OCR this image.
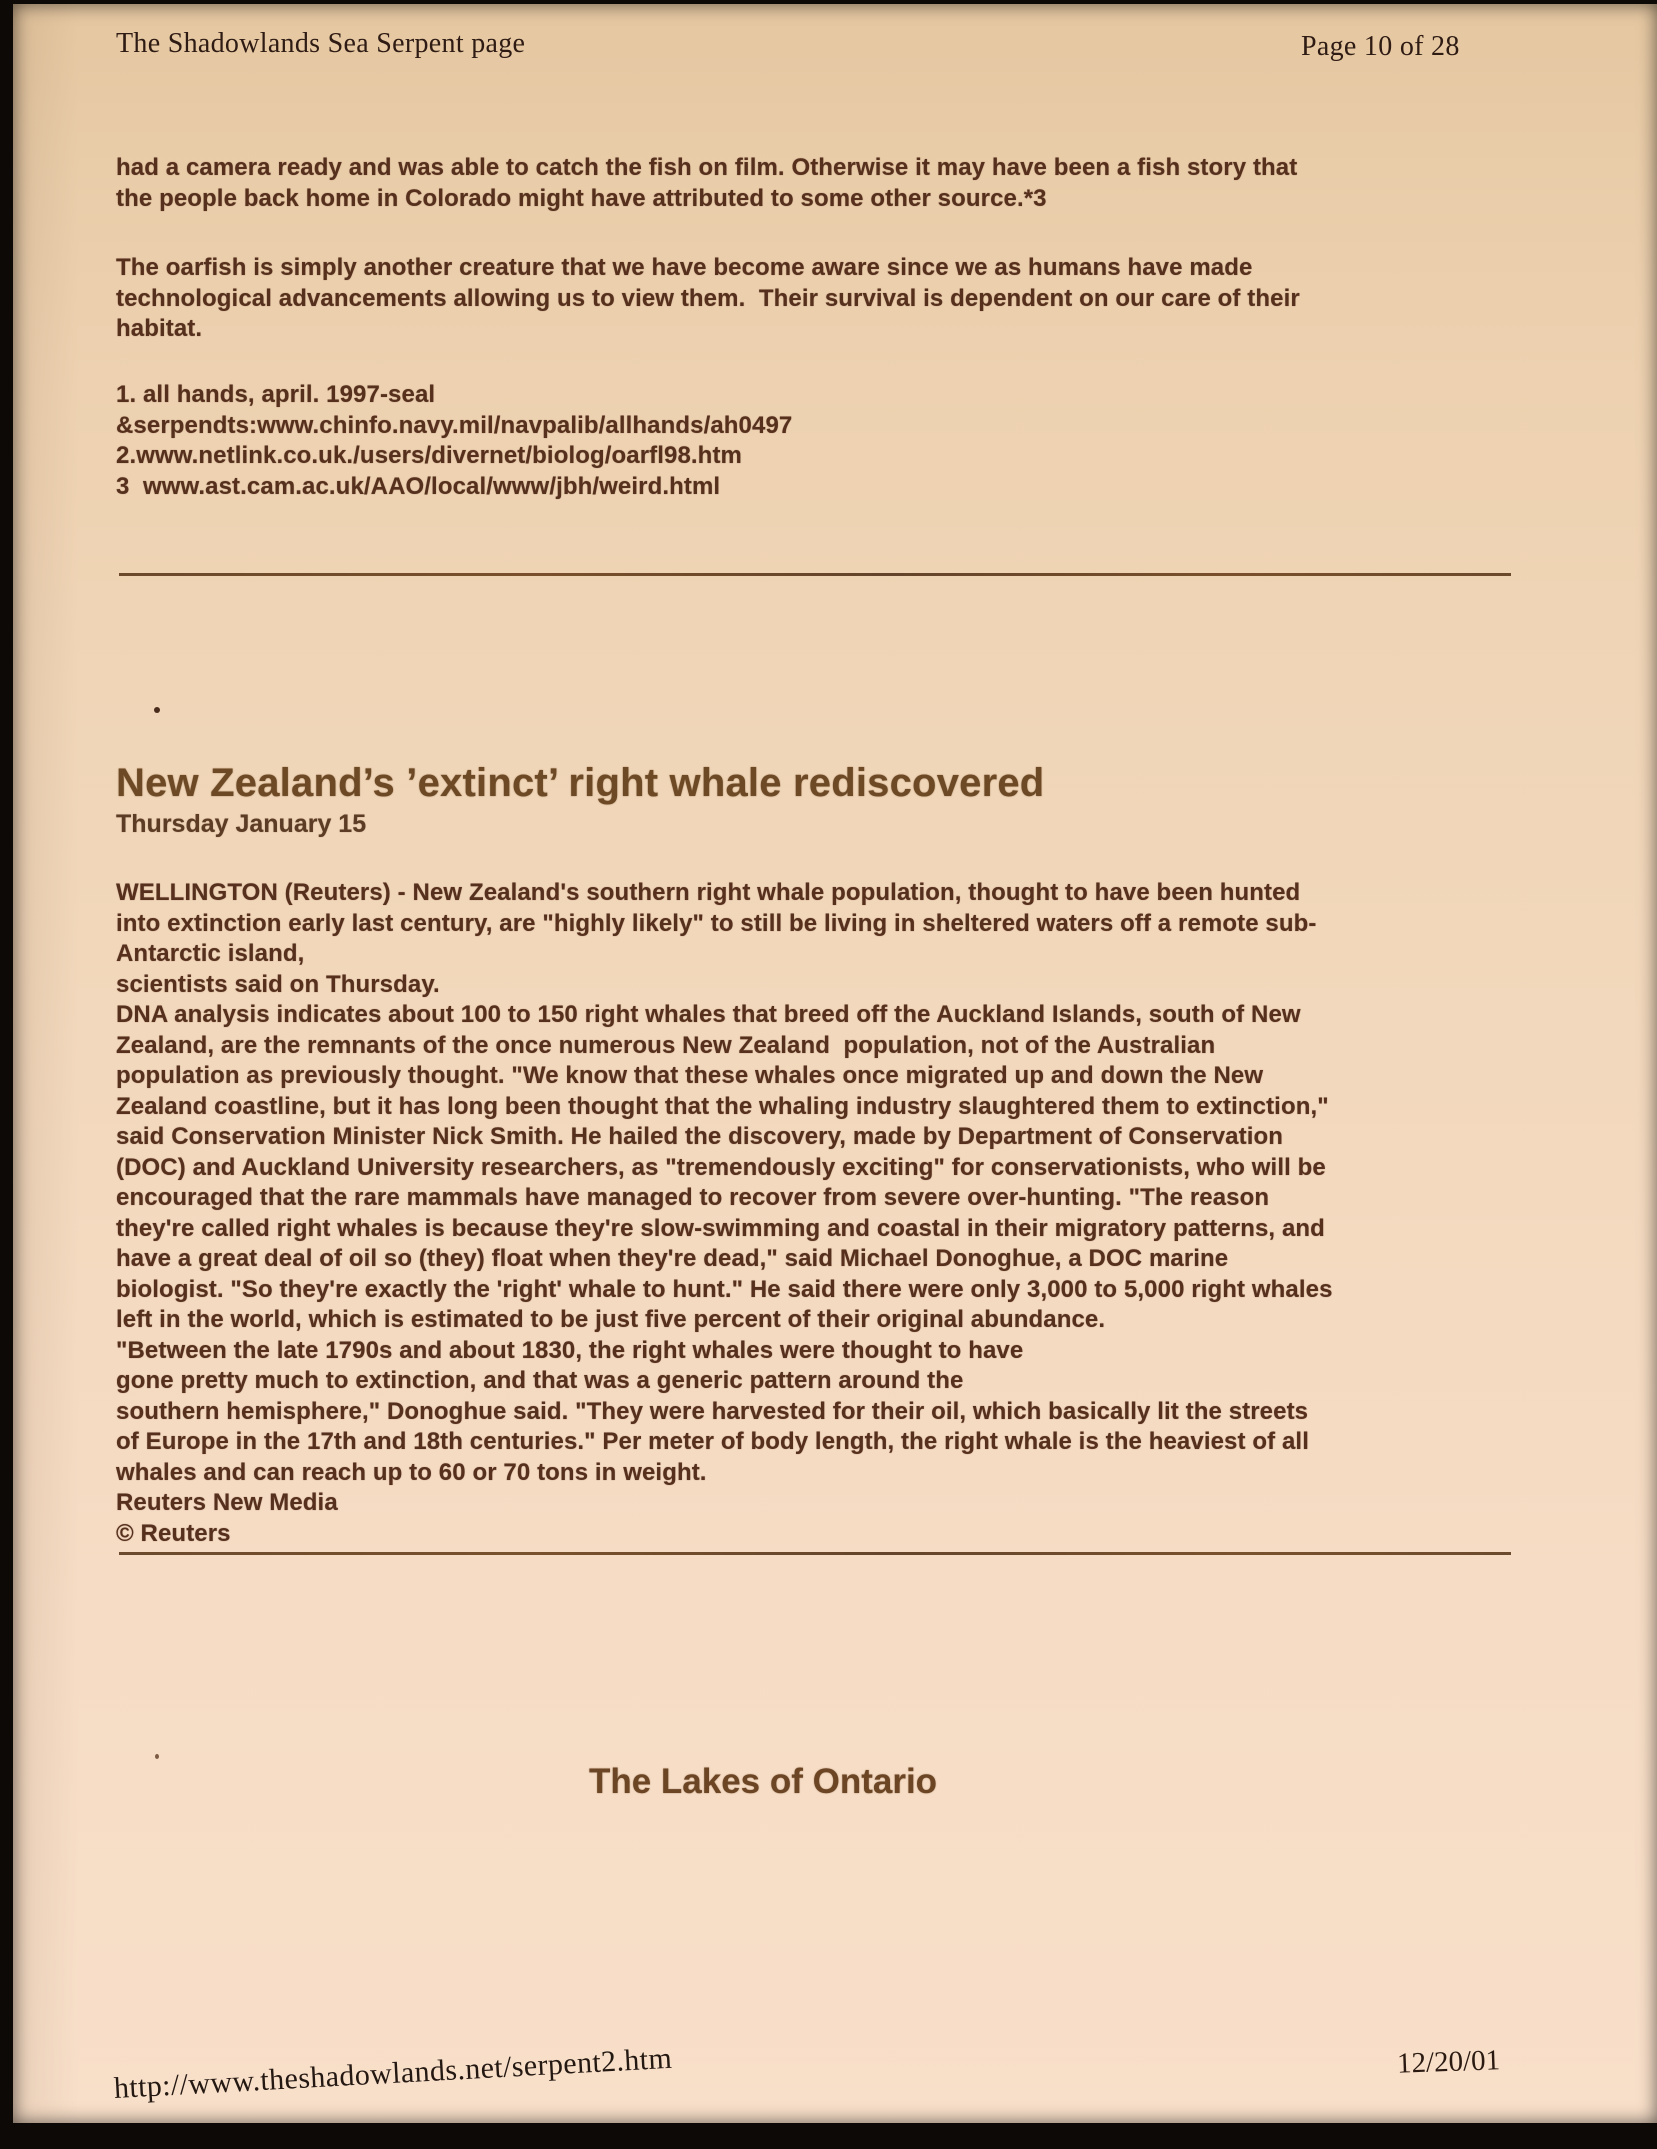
The Shadowlands Sea Serpent page	Page 10 of 28
had a camera ready and was able to catch the fish on film. Otherwise it may have been a fish story that
the people back home in Colorado might have attributed to some other source.*3
The oarfish is simply another creature that we have become aware since we as humans have made
technological advancements allowing us to view them.  Their survival is dependent on our care of their
habitat.
1. all hands, april. 1997-seal
&serpendts:www.chinfo.navy.mil/navpalib/allhands/ah0497
2.www.netlink.co.uk./users/divernet/biolog/oarfl98.htm
3  www.ast.cam.ac.uk/AAO/local/www/jbh/weird.html
New Zealand’s ’extinct’ right whale rediscovered
Thursday January 15
WELLINGTON (Reuters) - New Zealand's southern right whale population, thought to have been hunted
into extinction early last century, are "highly likely" to still be living in sheltered waters off a remote sub-
Antarctic island,
scientists said on Thursday.
DNA analysis indicates about 100 to 150 right whales that breed off the Auckland Islands, south of New
Zealand, are the remnants of the once numerous New Zealand  population, not of the Australian
population as previously thought. "We know that these whales once migrated up and down the New
Zealand coastline, but it has long been thought that the whaling industry slaughtered them to extinction,"
said Conservation Minister Nick Smith. He hailed the discovery, made by Department of Conservation
(DOC) and Auckland University researchers, as "tremendously exciting" for conservationists, who will be
encouraged that the rare mammals have managed to recover from severe over-hunting. "The reason
they're called right whales is because they're slow-swimming and coastal in their migratory patterns, and
have a great deal of oil so (they) float when they're dead," said Michael Donoghue, a DOC marine
biologist. "So they're exactly the 'right' whale to hunt." He said there were only 3,000 to 5,000 right whales
left in the world, which is estimated to be just five percent of their original abundance.
"Between the late 1790s and about 1830, the right whales were thought to have
gone pretty much to extinction, and that was a generic pattern around the
southern hemisphere," Donoghue said. "They were harvested for their oil, which basically lit the streets
of Europe in the 17th and 18th centuries." Per meter of body length, the right whale is the heaviest of all
whales and can reach up to 60 or 70 tons in weight.
Reuters New Media
© Reuters
The Lakes of Ontario
http://www.theshadowlands.net/serpent2.htm	12/20/01
